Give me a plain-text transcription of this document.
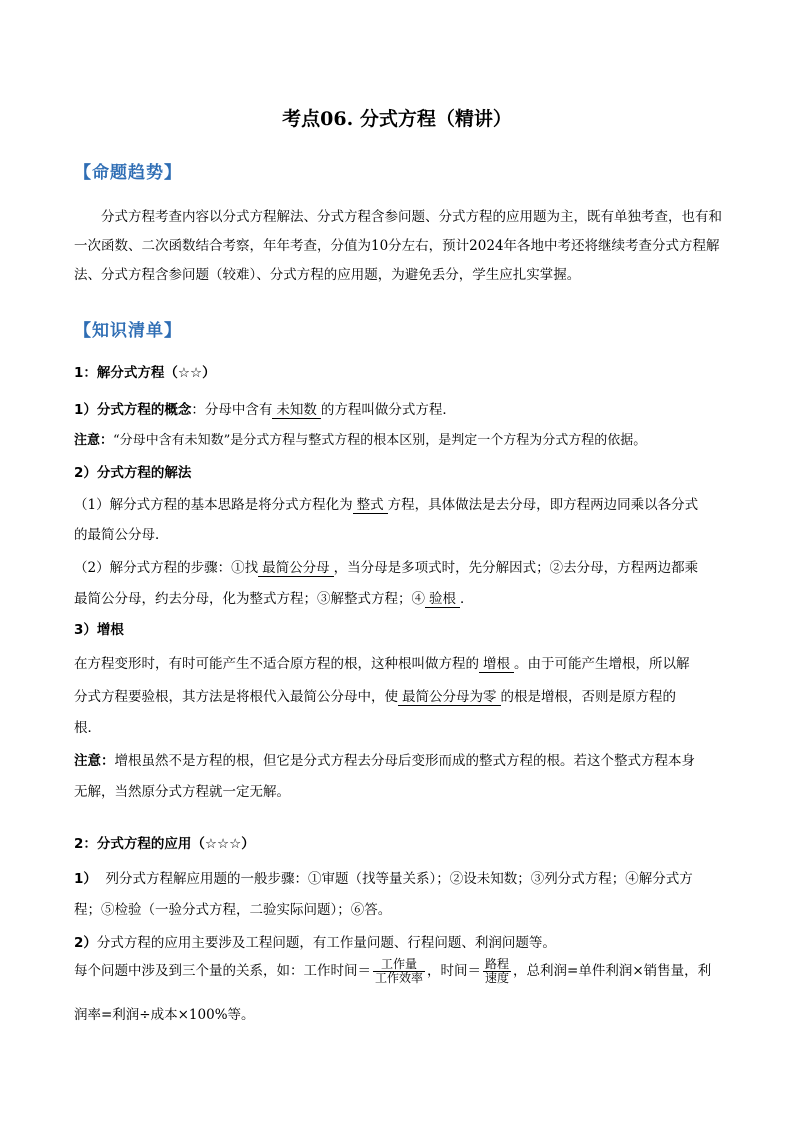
考点06. 分式方程（精讲）
【命题趋势】
分式方程考查内容以分式方程解法、分式方程含参问题、分式方程的应用题为主，既有单独考查，也有和一次函数、二次函数结合考察，年年考查，分值为10分左右，预计2024年各地中考还将继续考查分式方程解法、分式方程含参问题（较难）、分式方程的应用题，为避免丢分，学生应扎实掌握。
【知识清单】
1：解分式方程（☆☆）
1）分式方程的概念：分母中含有 未知数 的方程叫做分式方程．
注意：“分母中含有未知数”是分式方程与整式方程的根本区别，是判定一个方程为分式方程的依据。
2）分式方程的解法
（1）解分式方程的基本思路是将分式方程化为 整式 方程，具体做法是去分母，即方程两边同乘以各分式
的最简公分母．
（2）解分式方程的步骤：①找 最简公分母 ，当分母是多项式时，先分解因式；②去分母，方程两边都乘
最简公分母，约去分母，化为整式方程；③解整式方程；④ 验根 ．
3）增根
在方程变形时，有时可能产生不适合原方程的根，这种根叫做方程的 增根 。由于可能产生增根，所以解
分式方程要验根，其方法是将根代入最简公分母中，使 最简公分母为零 的根是增根，否则是原方程的
根．
注意：增根虽然不是方程的根，但它是分式方程去分母后变形而成的整式方程的根。若这个整式方程本身
无解，当然原分式方程就一定无解。
2：分式方程的应用（☆☆☆）
1） 列分式方程解应用题的一般步骤：①审题（找等量关系）；②设未知数；③列分式方程；④解分式方
程；⑤检验（一验分式方程，二验实际问题）；⑥答。
2）分式方程的应用主要涉及工程问题，有工作量问题、行程问题、利润问题等。
每个问题中涉及到三个量的关系，如：工作时间＝ $\frac{\text{工作量}}{\text{工作效率}}$ ，时间＝ $\frac{\text{路程}}{\text{速度}}$ ，总利润=单件利润×销售量，利
润率=利润÷成本×100%等。
